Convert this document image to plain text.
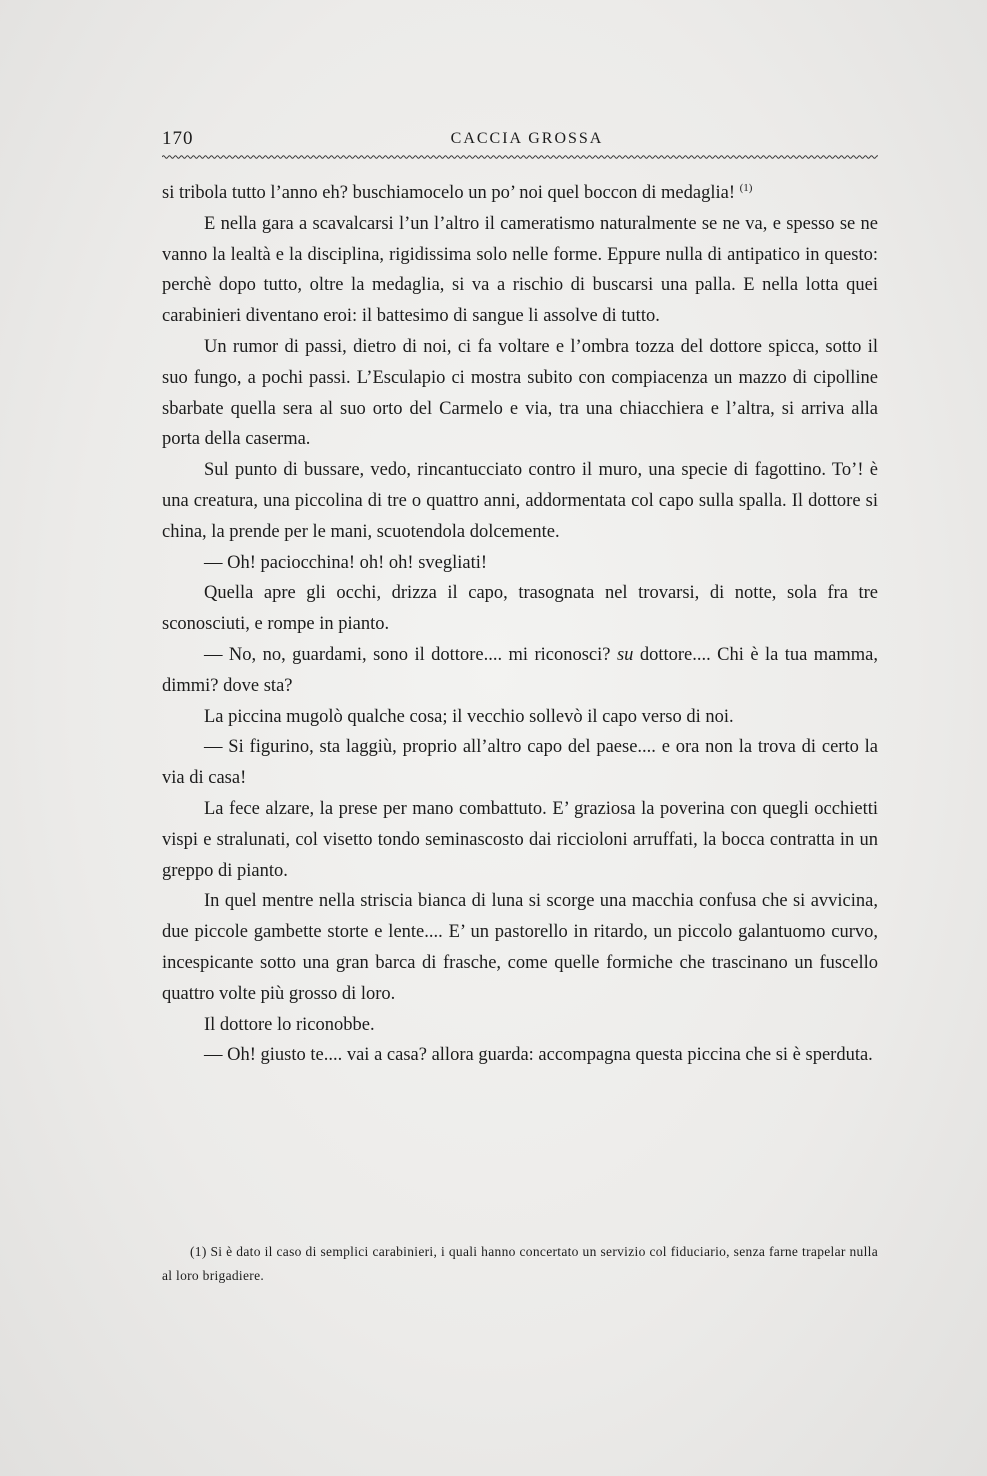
170	CACCIA GROSSA

si tribola tutto l’anno eh? buschiamocelo un po’ noi quel boccon di medaglia! $^{(1)}$

E nella gara a scavalcarsi l’un l’altro il cameratismo naturalmente se ne va, e spesso se ne vanno la lealtà e la disciplina, rigidissima solo nelle forme. Eppure nulla di antipatico in questo: perchè dopo tutto, oltre la medaglia, si va a rischio di buscarsi una palla. E nella lotta quei carabinieri diventano eroi: il battesimo di sangue li assolve di tutto.

Un rumor di passi, dietro di noi, ci fa voltare e l’ombra tozza del dottore spicca, sotto il suo fungo, a pochi passi. L’Esculapio ci mostra subito con compiacenza un mazzo di cipolline sbarbate quella sera al suo orto del Carmelo e via, tra una chiacchiera e l’altra, si arriva alla porta della caserma.

Sul punto di bussare, vedo, rincantucciato contro il muro, una specie di fagottino. To’! è una creatura, una piccolina di tre o quattro anni, addormentata col capo sulla spalla. Il dottore si china, la prende per le mani, scuotendola dolcemente.

— Oh! paciocchina! oh! oh! svegliati!

Quella apre gli occhi, drizza il capo, trasognata nel trovarsi, di notte, sola fra tre sconosciuti, e rompe in pianto.

— No, no, guardami, sono il dottore.... mi riconosci? su dottore.... Chi è la tua mamma, dimmi? dove sta?

La piccina mugolò qualche cosa; il vecchio sollevò il capo verso di noi.

— Si figurino, sta laggiù, proprio all’altro capo del paese.... e ora non la trova di certo la via di casa!

La fece alzare, la prese per mano combattuto. E’ graziosa la poverina con quegli occhietti vispi e stralunati, col visetto tondo seminascosto dai riccioloni arruffati, la bocca contratta in un greppo di pianto.

In quel mentre nella striscia bianca di luna si scorge una macchia confusa che si avvicina, due piccole gambette storte e lente.... E’ un pastorello in ritardo, un piccolo galantuomo curvo, incespicante sotto una gran barca di frasche, come quelle formiche che trascinano un fuscello quattro volte più grosso di loro.

Il dottore lo riconobbe.

— Oh! giusto te.... vai a casa? allora guarda: accompagna questa piccina che si è sperduta.

(1) Si è dato il caso di semplici carabinieri, i quali hanno concertato un servizio col fiduciario, senza farne trapelar nulla al loro brigadiere.
